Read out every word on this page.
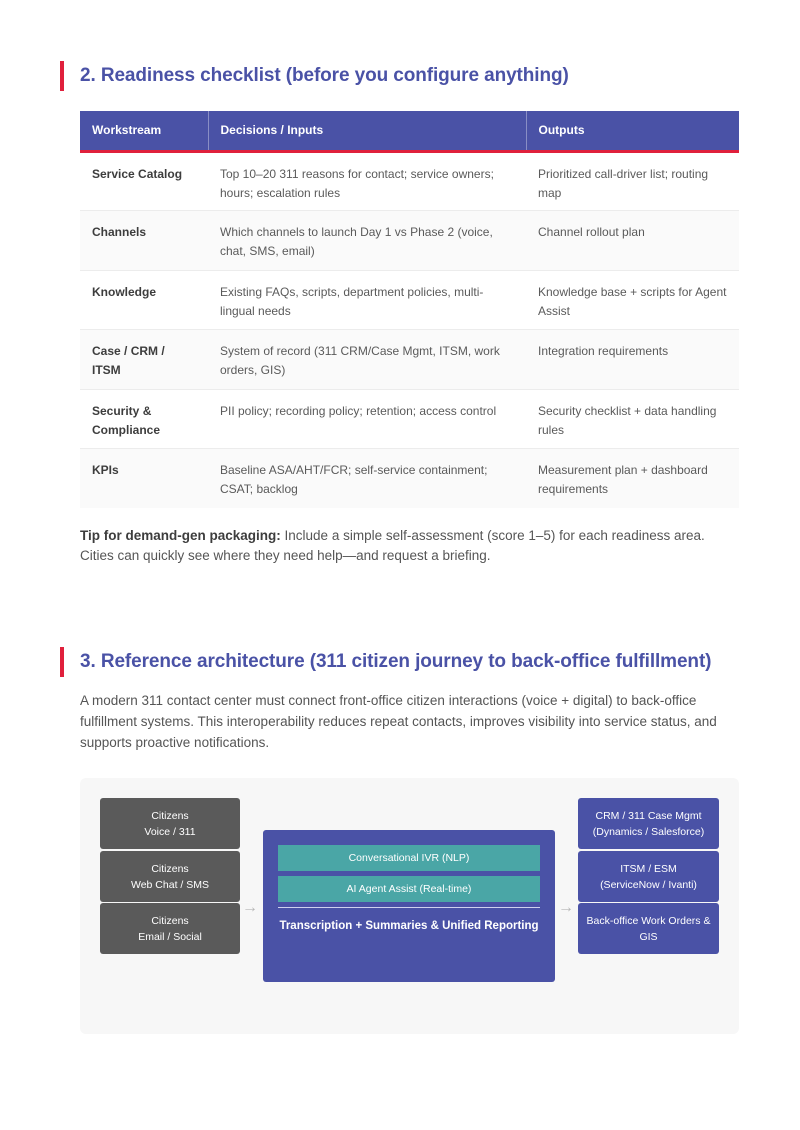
2. Readiness checklist (before you configure anything)
Workstream	Decisions / Inputs	Outputs
Service Catalog	Top 10–20 311 reasons for contact; service owners; hours; escalation rules	Prioritized call-driver list; routing map
Channels	Which channels to launch Day 1 vs Phase 2 (voice, chat, SMS, email)	Channel rollout plan
Knowledge	Existing FAQs, scripts, department policies, multi-lingual needs	Knowledge base + scripts for Agent Assist
Case / CRM / ITSM	System of record (311 CRM/Case Mgmt, ITSM, work orders, GIS)	Integration requirements
Security & Compliance	PII policy; recording policy; retention; access control	Security checklist + data handling rules
KPIs	Baseline ASA/AHT/FCR; self-service containment; CSAT; backlog	Measurement plan + dashboard requirements

Tip for demand-gen packaging: Include a simple self-assessment (score 1–5) for each readiness area. Cities can quickly see where they need help—and request a briefing.

3. Reference architecture (311 citizen journey to back-office fulfillment)

A modern 311 contact center must connect front-office citizen interactions (voice + digital) to back-office fulfillment systems. This interoperability reduces repeat contacts, improves visibility into service status, and supports proactive notifications.

Citizens
Voice / 311
Citizens
Web Chat / SMS
Citizens
Email / Social
→
Conversational IVR (NLP)
AI Agent Assist (Real-time)
Transcription + Summaries & Unified Reporting
→
CRM / 311 Case Mgmt
(Dynamics / Salesforce)
ITSM / ESM
(ServiceNow / Ivanti)
Back-office Work Orders &
GIS
